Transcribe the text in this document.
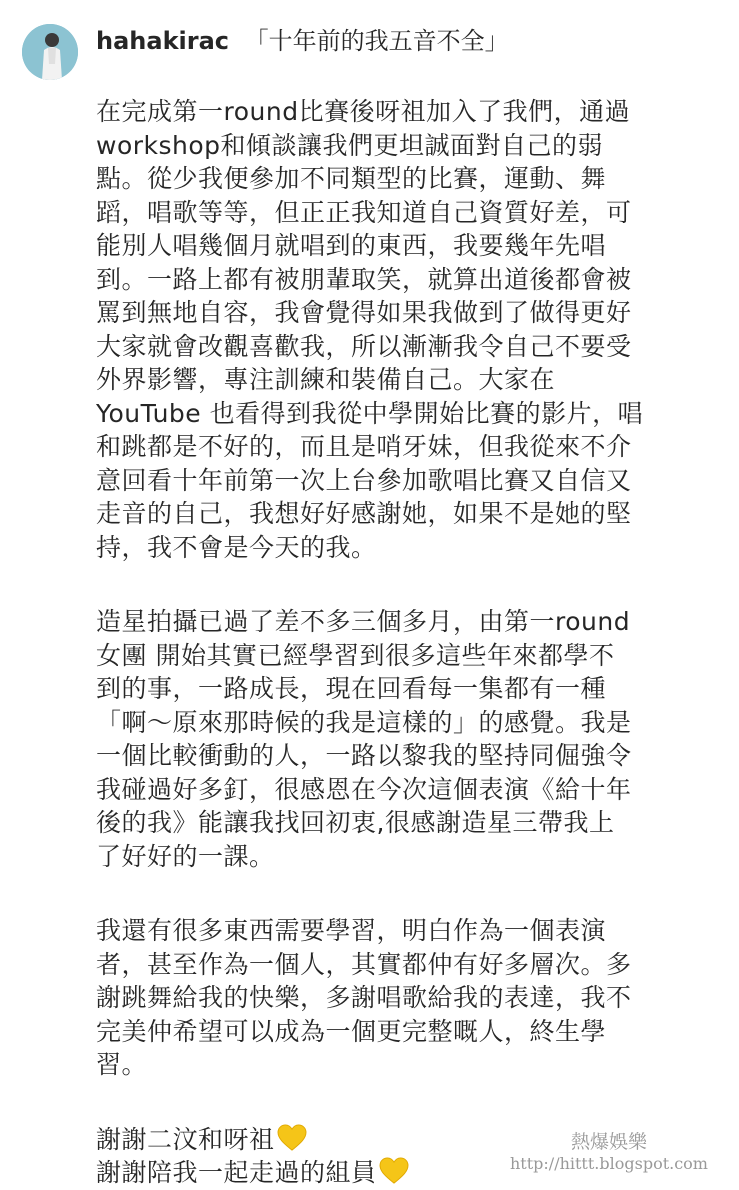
hahakirac 「十年前的我五音不全」

在完成第一round比賽後呀祖加入了我們，通過
workshop和傾談讓我們更坦誠面對自己的弱
點。從少我便參加不同類型的比賽，運動、舞
蹈，唱歌等等，但正正我知道自己資質好差，可
能別人唱幾個月就唱到的東西，我要幾年先唱
到。一路上都有被朋輩取笑，就算出道後都會被
罵到無地自容，我會覺得如果我做到了做得更好
大家就會改觀喜歡我，所以漸漸我令自己不要受
外界影響，專注訓練和裝備自己。大家在
YouTube 也看得到我從中學開始比賽的影片，唱
和跳都是不好的，而且是哨牙妹，但我從來不介
意回看十年前第一次上台參加歌唱比賽又自信又
走音的自己，我想好好感謝她，如果不是她的堅
持，我不會是今天的我。

造星拍攝已過了差不多三個多月，由第一round
女團 開始其實已經學習到很多這些年來都學不
到的事，一路成長，現在回看每一集都有一種
「啊～原來那時候的我是這樣的」的感覺。我是
一個比較衝動的人，一路以黎我的堅持同倔強令
我碰過好多釘，很感恩在今次這個表演《給十年
後的我》能讓我找回初衷,很感謝造星三帶我上
了好好的一課。

我還有很多東西需要學習，明白作為一個表演
者，甚至作為一個人，其實都仲有好多層次。多
謝跳舞給我的快樂，多謝唱歌給我的表達，我不
完美仲希望可以成為一個更完整嘅人，終生學
習。

謝謝二汶和呀祖

謝謝陪我一起走過的組員

熱爆娛樂
http://hittt.blogspot.com
